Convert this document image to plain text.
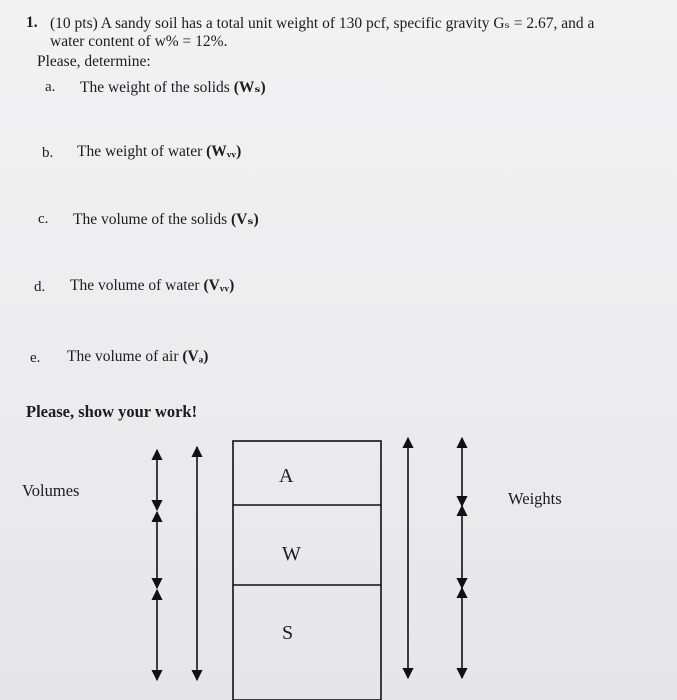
1. (10 pts) A sandy soil has a total unit weight of 130 pcf, specific gravity Gₛ = 2.67, and a
water content of w% = 12%.
Please, determine:
a. The weight of the solids (Wₛ)
b. The weight of water (Wᵥᵥ)
c. The volume of the solids (Vₛ)
d. The volume of water (Vᵥᵥ)
e. The volume of air (Vₐ)
Please, show your work!
Volumes	Weights
A
W
S
